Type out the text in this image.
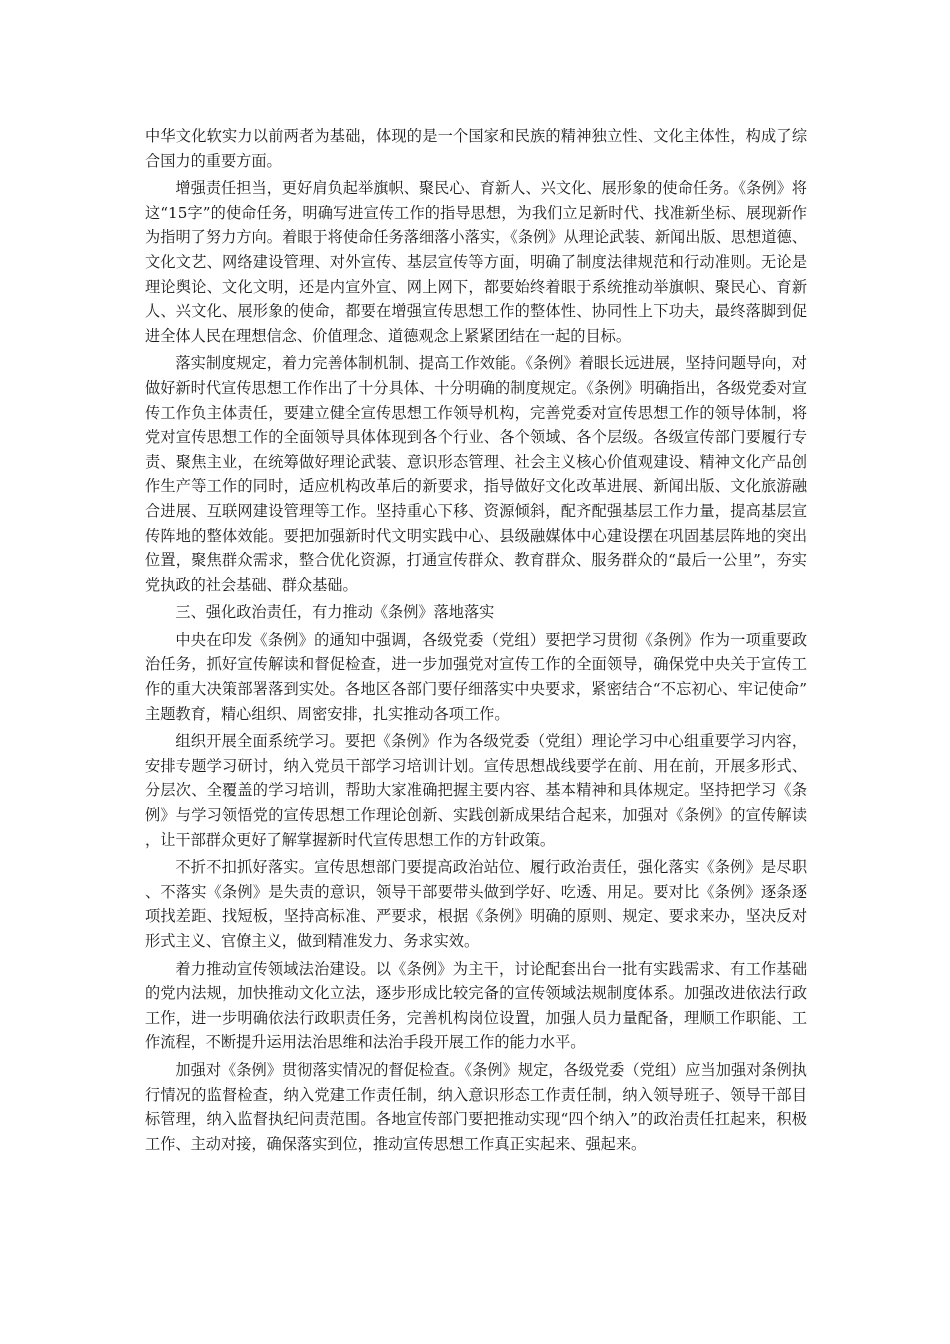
中华文化软实力以前两者为基础，体现的是一个国家和民族的精神独立性、文化主体性，构成了综合国力的重要方面。

增强责任担当，更好肩负起举旗帜、聚民心、育新人、兴文化、展形象的使命任务。《条例》将这“15字”的使命任务，明确写进宣传工作的指导思想，为我们立足新时代、找准新坐标、展现新作为指明了努力方向。着眼于将使命任务落细落小落实，《条例》从理论武装、新闻出版、思想道德、文化文艺、网络建设管理、对外宣传、基层宣传等方面，明确了制度法律规范和行动准则。无论是理论舆论、文化文明，还是内宣外宣、网上网下，都要始终着眼于系统推动举旗帜、聚民心、育新人、兴文化、展形象的使命，都要在增强宣传思想工作的整体性、协同性上下功夫，最终落脚到促进全体人民在理想信念、价值理念、道德观念上紧紧团结在一起的目标。

落实制度规定，着力完善体制机制、提高工作效能。《条例》着眼长远进展，坚持问题导向，对做好新时代宣传思想工作作出了十分具体、十分明确的制度规定。《条例》明确指出，各级党委对宣传工作负主体责任，要建立健全宣传思想工作领导机构，完善党委对宣传思想工作的领导体制，将党对宣传思想工作的全面领导具体体现到各个行业、各个领域、各个层级。各级宣传部门要履行专责、聚焦主业，在统筹做好理论武装、意识形态管理、社会主义核心价值观建设、精神文化产品创作生产等工作的同时，适应机构改革后的新要求，指导做好文化改革进展、新闻出版、文化旅游融合进展、互联网建设管理等工作。坚持重心下移、资源倾斜，配齐配强基层工作力量，提高基层宣传阵地的整体效能。要把加强新时代文明实践中心、县级融媒体中心建设摆在巩固基层阵地的突出位置，聚焦群众需求，整合优化资源，打通宣传群众、教育群众、服务群众的“最后一公里”，夯实党执政的社会基础、群众基础。

三、强化政治责任，有力推动《条例》落地落实

中央在印发《条例》的通知中强调，各级党委（党组）要把学习贯彻《条例》作为一项重要政治任务，抓好宣传解读和督促检查，进一步加强党对宣传工作的全面领导，确保党中央关于宣传工作的重大决策部署落到实处。各地区各部门要仔细落实中央要求，紧密结合“不忘初心、牢记使命”主题教育，精心组织、周密安排，扎实推动各项工作。

组织开展全面系统学习。要把《条例》作为各级党委（党组）理论学习中心组重要学习内容，安排专题学习研讨，纳入党员干部学习培训计划。宣传思想战线要学在前、用在前，开展多形式、分层次、全覆盖的学习培训，帮助大家准确把握主要内容、基本精神和具体规定。坚持把学习《条例》与学习领悟党的宣传思想工作理论创新、实践创新成果结合起来，加强对《条例》的宣传解读，让干部群众更好了解掌握新时代宣传思想工作的方针政策。

不折不扣抓好落实。宣传思想部门要提高政治站位、履行政治责任，强化落实《条例》是尽职、不落实《条例》是失责的意识，领导干部要带头做到学好、吃透、用足。要对比《条例》逐条逐项找差距、找短板，坚持高标准、严要求，根据《条例》明确的原则、规定、要求来办，坚决反对形式主义、官僚主义，做到精准发力、务求实效。

着力推动宣传领域法治建设。以《条例》为主干，讨论配套出台一批有实践需求、有工作基础的党内法规，加快推动文化立法，逐步形成比较完备的宣传领域法规制度体系。加强改进依法行政工作，进一步明确依法行政职责任务，完善机构岗位设置，加强人员力量配备，理顺工作职能、工作流程，不断提升运用法治思维和法治手段开展工作的能力水平。

加强对《条例》贯彻落实情况的督促检查。《条例》规定，各级党委（党组）应当加强对条例执行情况的监督检查，纳入党建工作责任制，纳入意识形态工作责任制，纳入领导班子、领导干部目标管理，纳入监督执纪问责范围。各地宣传部门要把推动实现“四个纳入”的政治责任扛起来，积极工作、主动对接，确保落实到位，推动宣传思想工作真正实起来、强起来。
